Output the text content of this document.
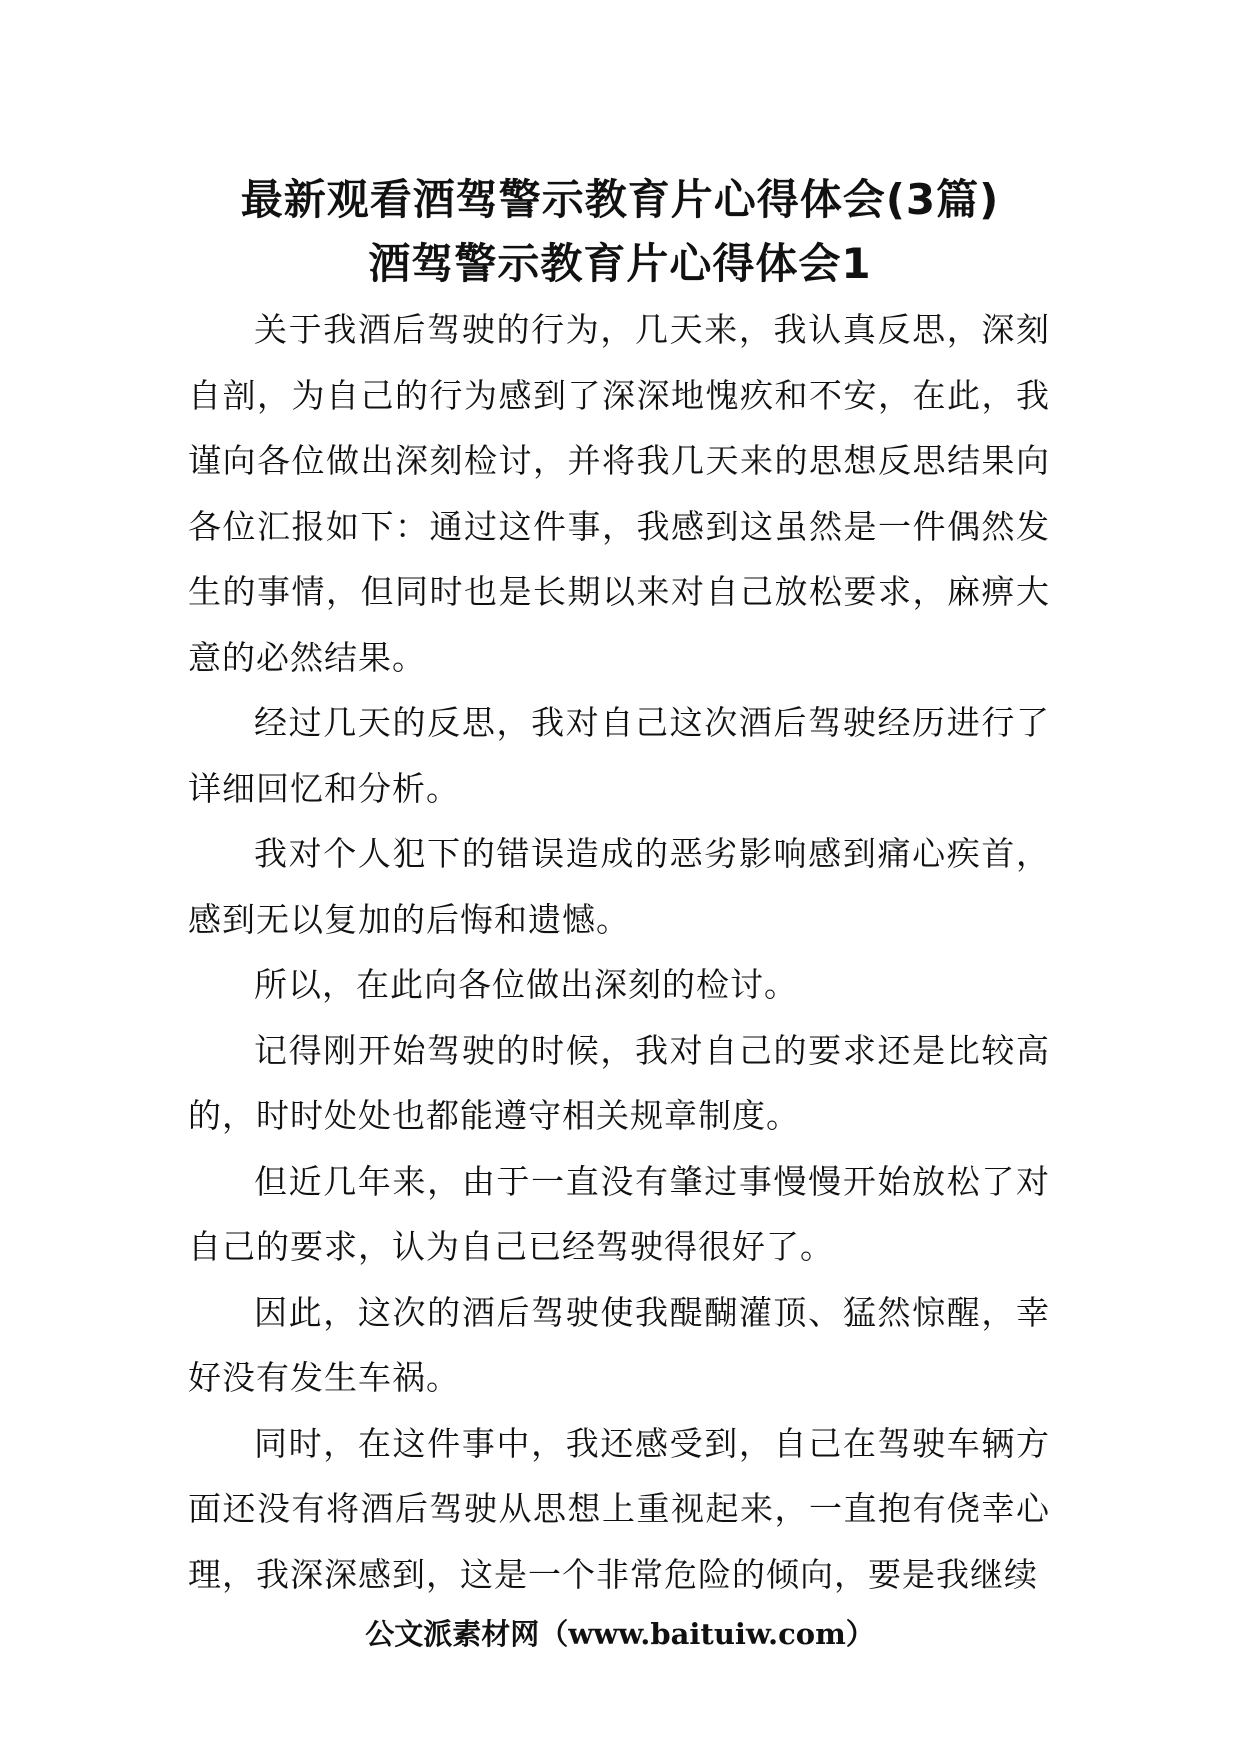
最新观看酒驾警示教育片心得体会(3篇)
酒驾警示教育片心得体会1

关于我酒后驾驶的行为，几天来，我认真反思，深刻自剖，为自己的行为感到了深深地愧疚和不安，在此，我谨向各位做出深刻检讨，并将我几天来的思想反思结果向各位汇报如下：通过这件事，我感到这虽然是一件偶然发生的事情，但同时也是长期以来对自己放松要求，麻痹大意的必然结果。

经过几天的反思，我对自己这次酒后驾驶经历进行了详细回忆和分析。

我对个人犯下的错误造成的恶劣影响感到痛心疾首，感到无以复加的后悔和遗憾。

所以，在此向各位做出深刻的检讨。

记得刚开始驾驶的时候，我对自己的要求还是比较高的，时时处处也都能遵守相关规章制度。

但近几年来，由于一直没有肇过事慢慢开始放松了对自己的要求，认为自己已经驾驶得很好了。

因此，这次的酒后驾驶使我醍醐灌顶、猛然惊醒，幸好没有发生车祸。

同时，在这件事中，我还感受到，自己在驾驶车辆方面还没有将酒后驾驶从思想上重视起来，一直抱有侥幸心理，我深深感到，这是一个非常危险的倾向，要是我继续

公文派素材网（www.baituiw.com）
